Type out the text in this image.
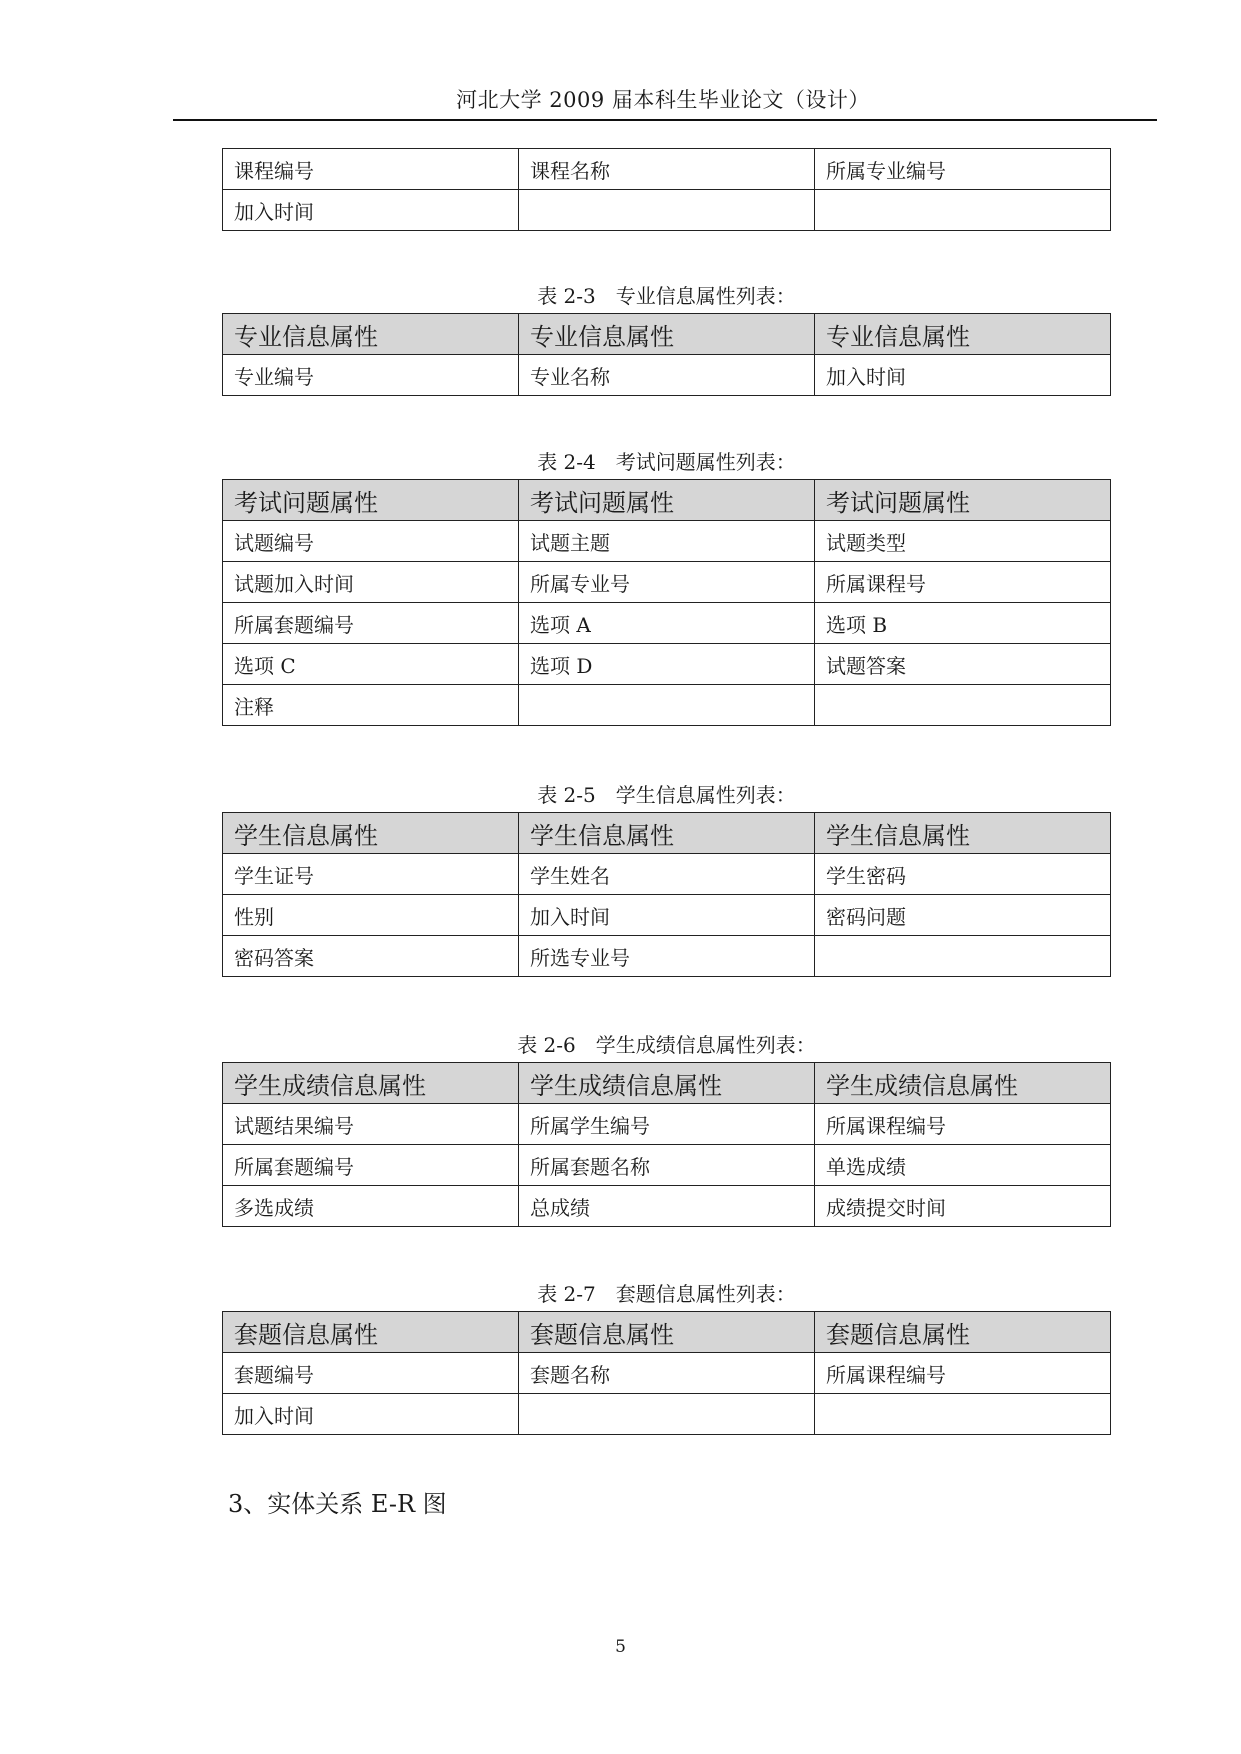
河北大学 2009 届本科生毕业论文（设计）
课程编号	课程名称	所属专业编号
加入时间		
表 2-3　专业信息属性列表：
专业信息属性	专业信息属性	专业信息属性
专业编号	专业名称	加入时间
表 2-4　考试问题属性列表：
考试问题属性	考试问题属性	考试问题属性
试题编号	试题主题	试题类型
试题加入时间	所属专业号	所属课程号
所属套题编号	选项 A	选项 B
选项 C	选项 D	试题答案
注释		
表 2-5　学生信息属性列表：
学生信息属性	学生信息属性	学生信息属性
学生证号	学生姓名	学生密码
性别	加入时间	密码问题
密码答案	所选专业号	
表 2-6　学生成绩信息属性列表：
学生成绩信息属性	学生成绩信息属性	学生成绩信息属性
试题结果编号	所属学生编号	所属课程编号
所属套题编号	所属套题名称	单选成绩
多选成绩	总成绩	成绩提交时间
表 2-7　套题信息属性列表：
套题信息属性	套题信息属性	套题信息属性
套题编号	套题名称	所属课程编号
加入时间		
3、实体关系 E-R 图
5
